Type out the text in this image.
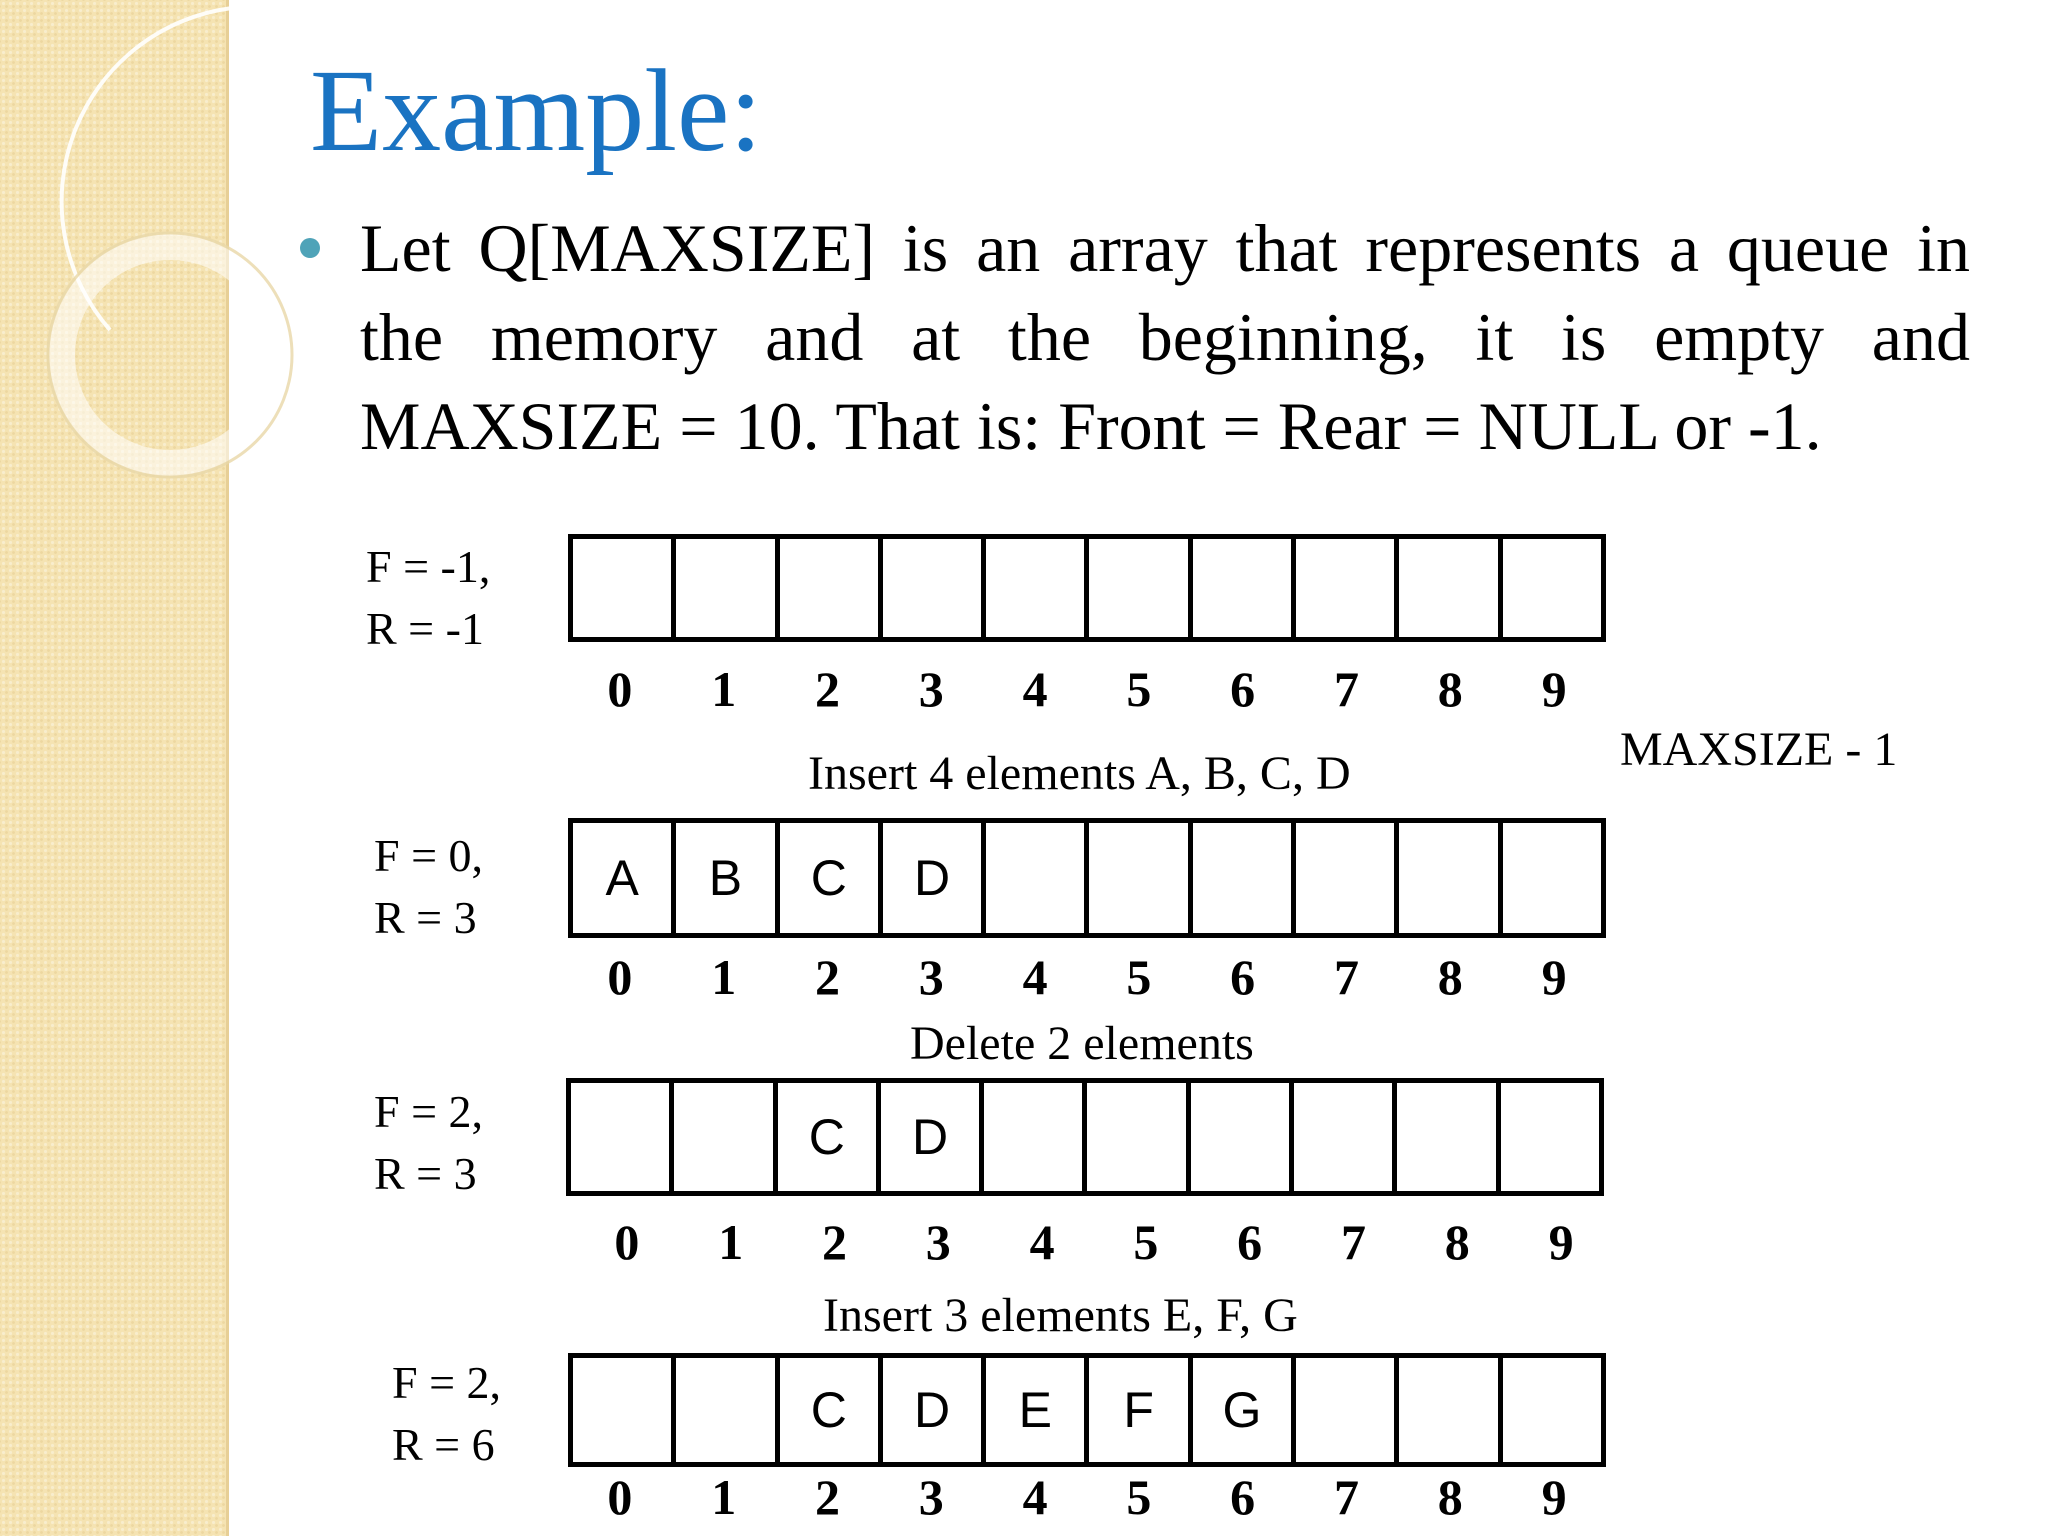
Example:
Let Q[MAXSIZE] is an array that represents a queue in the memory and at the beginning, it is empty and MAXSIZE = 10. That is: Front = Rear = NULL or -1.
MAXSIZE - 1
F = -1,
R = -1
0	1	2	3	4	5	6	7	8	9
Insert 4 elements A, B, C, D
F = 0,
R = 3
A	B	C	D
0	1	2	3	4	5	6	7	8	9
Delete 2 elements
F = 2,
R = 3
C	D
0	1	2	3	4	5	6	7	8	9
Insert 3 elements E, F, G
F = 2,
R = 6
C	D	E	F	G
0	1	2	3	4	5	6	7	8	9
